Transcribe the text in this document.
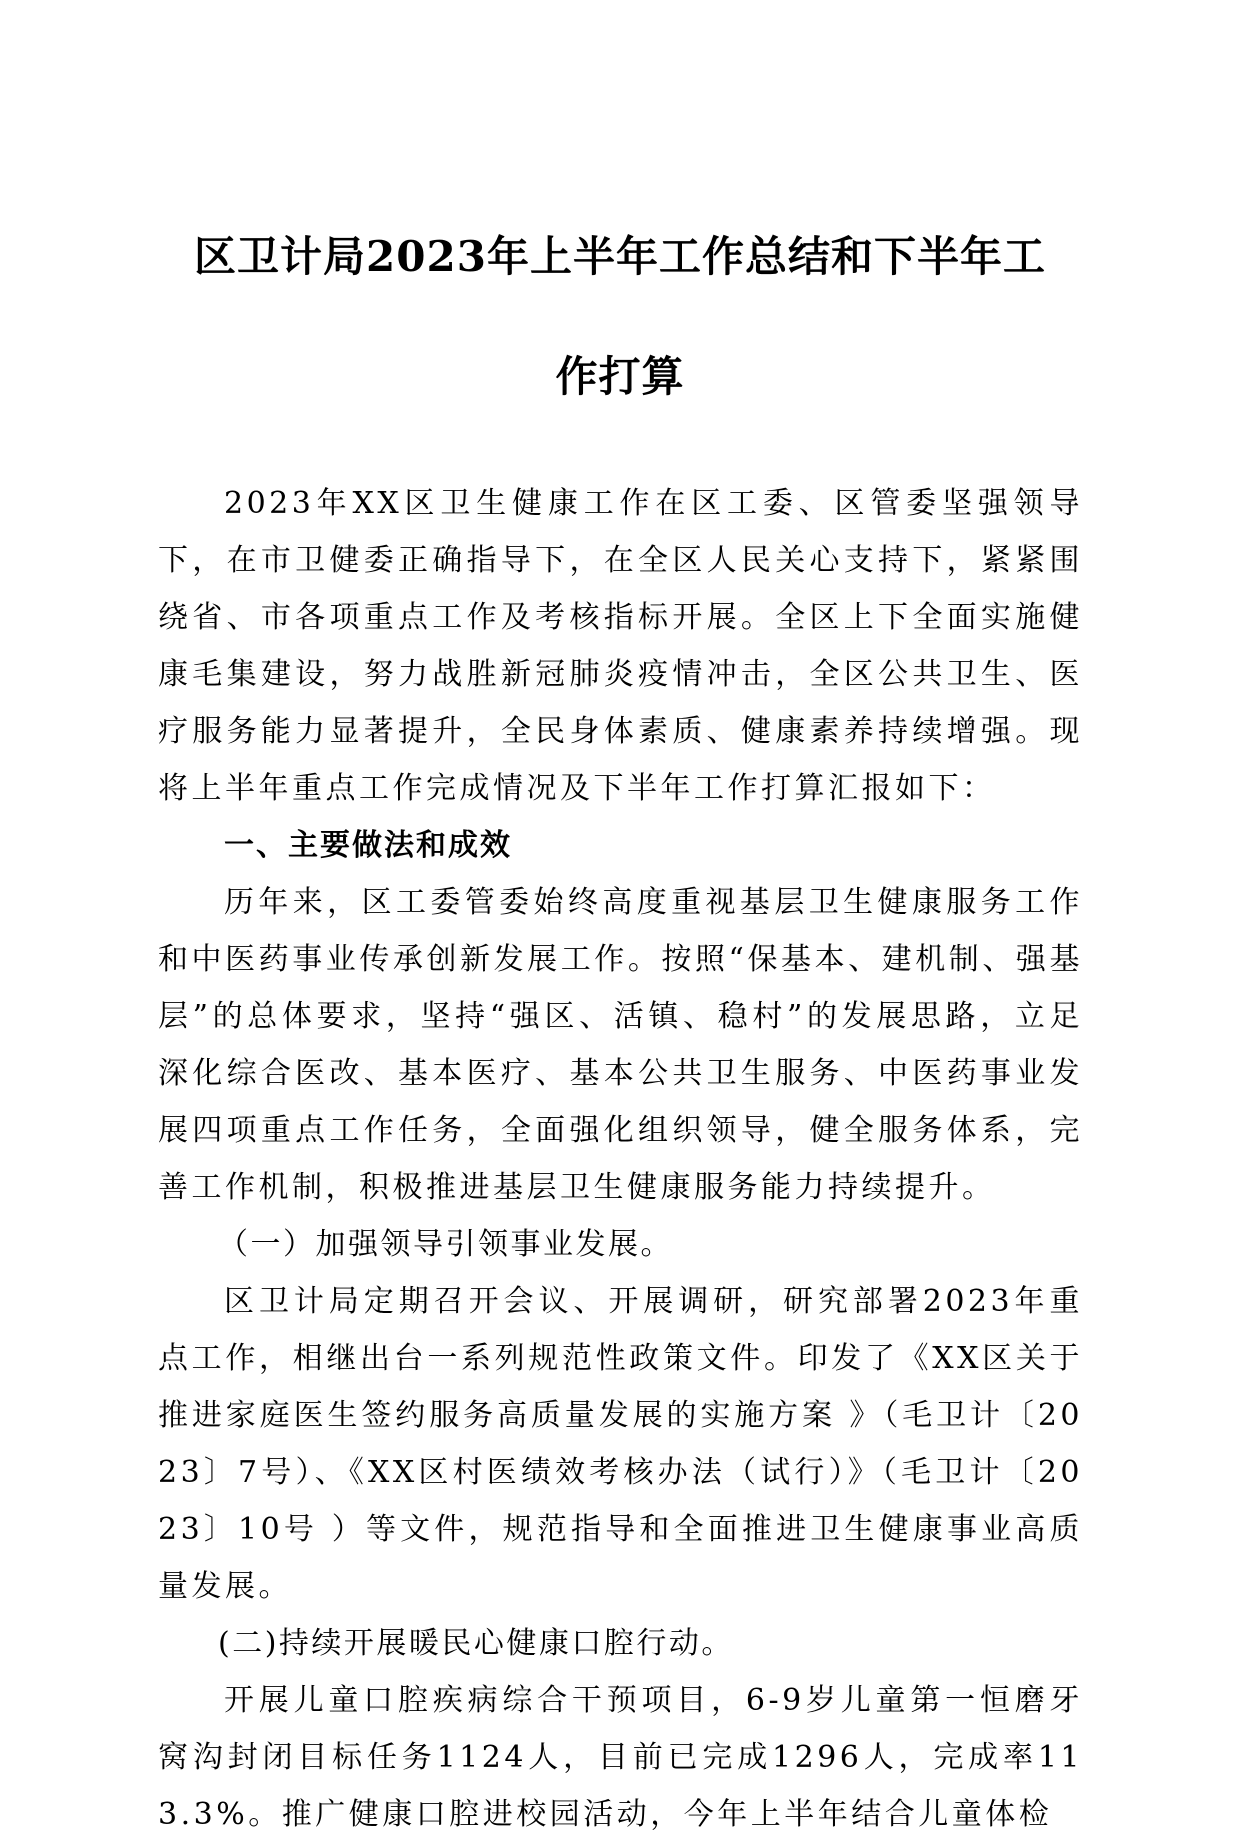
区卫计局2023年上半年工作总结和下半年工
作打算

2023年XX区卫生健康工作在区工委、区管委坚强领导下，在市卫健委正确指导下，在全区人民关心支持下，紧紧围绕省、市各项重点工作及考核指标开展。全区上下全面实施健康毛集建设，努力战胜新冠肺炎疫情冲击，全区公共卫生、医疗服务能力显著提升，全民身体素质、健康素养持续增强。现将上半年重点工作完成情况及下半年工作打算汇报如下：

一、主要做法和成效

历年来，区工委管委始终高度重视基层卫生健康服务工作和中医药事业传承创新发展工作。按照“保基本、建机制、强基层”的总体要求，坚持“强区、活镇、稳村”的发展思路，立足深化综合医改、基本医疗、基本公共卫生服务、中医药事业发展四项重点工作任务，全面强化组织领导，健全服务体系，完善工作机制，积极推进基层卫生健康服务能力持续提升。

（一）加强领导引领事业发展。

区卫计局定期召开会议、开展调研，研究部署2023年重点工作，相继出台一系列规范性政策文件。印发了《XX区关于推进家庭医生签约服务高质量发展的实施方案 》（毛卫计〔2023〕7号）、《XX区村医绩效考核办法（试行）》（毛卫计〔2023〕10号 ）等文件，规范指导和全面推进卫生健康事业高质量发展。

(二)持续开展暖民心健康口腔行动。

开展儿童口腔疾病综合干预项目，6-9岁儿童第一恒磨牙窝沟封闭目标任务1124人，目前已完成1296人，完成率113.3%。推广健康口腔进校园活动，今年上半年结合儿童体检
